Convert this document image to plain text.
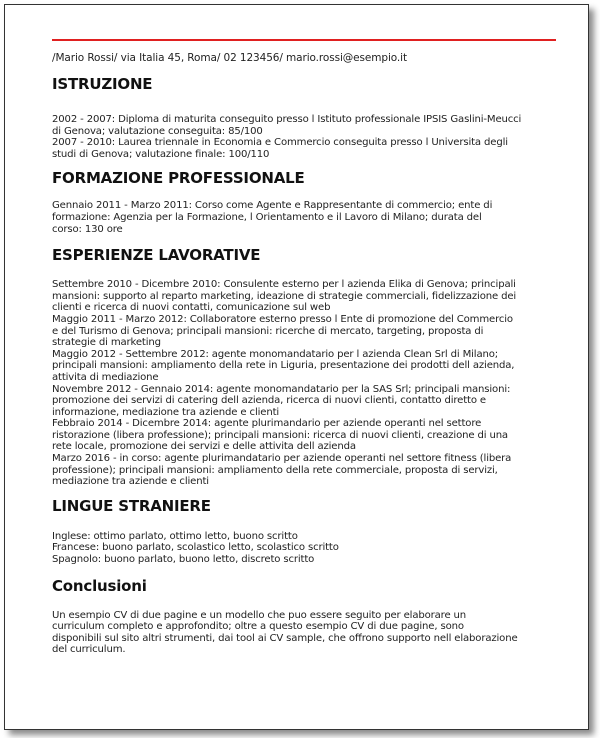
/Mario Rossi/ via Italia 45, Roma/ 02 123456/ mario.rossi@esempio.it
ISTRUZIONE

2002 - 2007: Diploma di maturita conseguito presso l Istituto professionale IPSIS Gaslini-Meucci

di Genova; valutazione conseguita: 85/100

2007 - 2010: Laurea triennale in Economia e Commercio conseguita presso l Universita degli

studi di Genova; valutazione finale: 100/110

FORMAZIONE PROFESSIONALE

Gennaio 2011 - Marzo 2011: Corso come Agente e Rappresentante di commercio; ente di

formazione: Agenzia per la Formazione, l Orientamento e il Lavoro di Milano; durata del

corso: 130 ore

ESPERIENZE LAVORATIVE

Settembre 2010 - Dicembre 2010: Consulente esterno per l azienda Elika di Genova; principali

mansioni: supporto al reparto marketing, ideazione di strategie commerciali, fidelizzazione dei

clienti e ricerca di nuovi contatti, comunicazione sul web

Maggio 2011 - Marzo 2012: Collaboratore esterno presso l Ente di promozione del Commercio

e del Turismo di Genova; principali mansioni: ricerche di mercato, targeting, proposta di

strategie di marketing

Maggio 2012 - Settembre 2012: agente monomandatario per l azienda Clean Srl di Milano;

principali mansioni: ampliamento della rete in Liguria, presentazione dei prodotti dell azienda,

attivita di mediazione

Novembre 2012 - Gennaio 2014: agente monomandatario per la SAS Srl; principali mansioni:

promozione dei servizi di catering dell azienda, ricerca di nuovi clienti, contatto diretto e

informazione, mediazione tra aziende e clienti

Febbraio 2014 - Dicembre 2014: agente plurimandario per aziende operanti nel settore

ristorazione (libera professione); principali mansioni: ricerca di nuovi clienti, creazione di una

rete locale, promozione dei servizi e delle attivita dell azienda

Marzo 2016 - in corso: agente plurimandatario per aziende operanti nel settore fitness (libera

professione); principali mansioni: ampliamento della rete commerciale, proposta di servizi,

mediazione tra aziende e clienti

LINGUE STRANIERE

Inglese: ottimo parlato, ottimo letto, buono scritto

Francese: buono parlato, scolastico letto, scolastico scritto

Spagnolo: buono parlato, buono letto, discreto scritto

Conclusioni

Un esempio CV di due pagine e un modello che puo essere seguito per elaborare un

curriculum completo e approfondito; oltre a questo esempio CV di due pagine, sono

disponibili sul sito altri strumenti, dai tool ai CV sample, che offrono supporto nell elaborazione

del curriculum.
